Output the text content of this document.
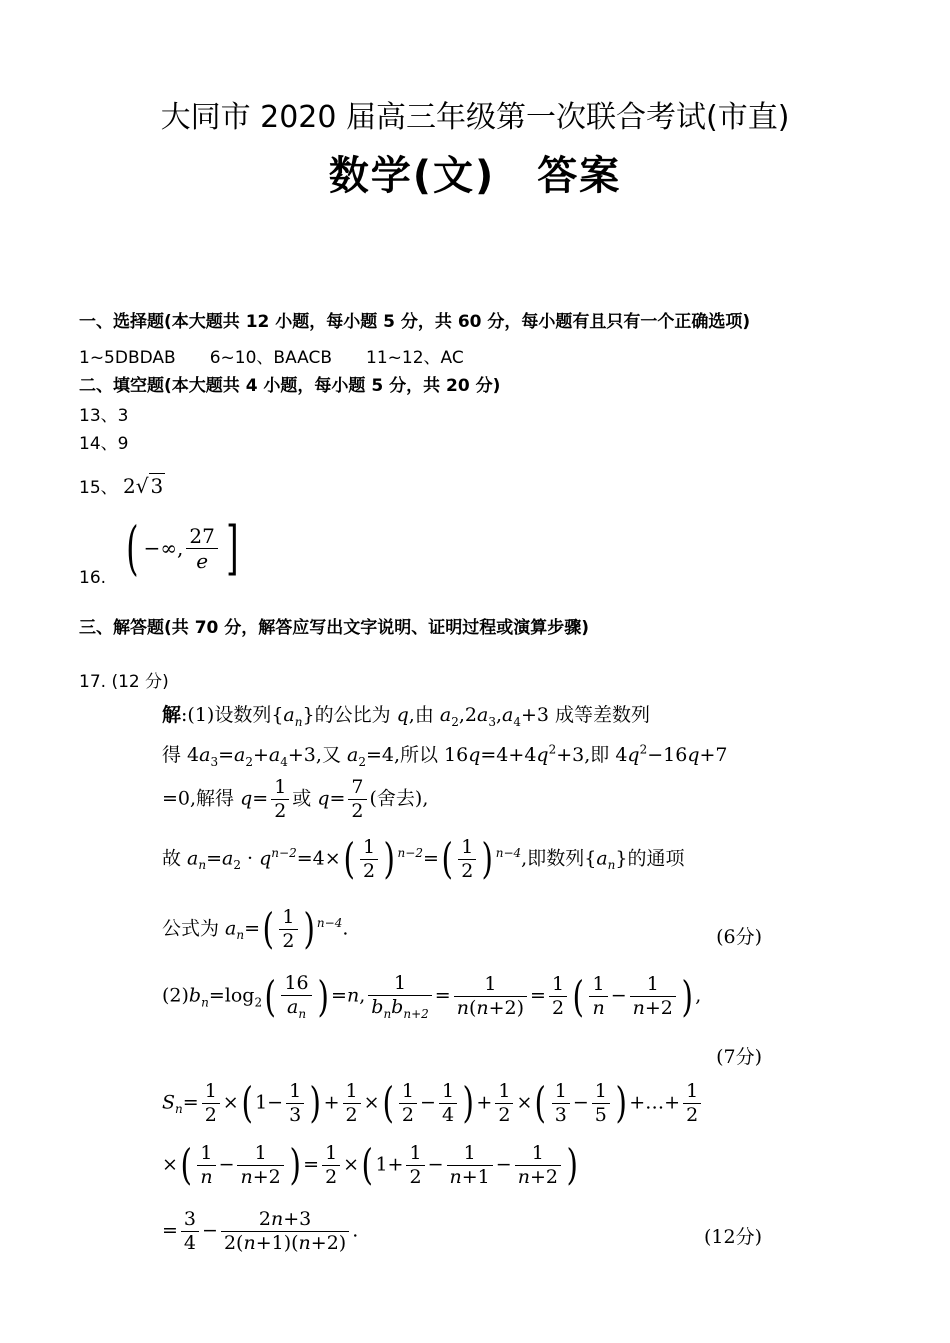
大同市 2020 届高三年级第一次联合考试(市直)
数学(文)　答案
一、选择题(本大题共 12 小题，每小题 5 分，共 60 分，每小题有且只有一个正确选项)
1~5DBDAB　　6~10、BAACB　　11~12、AC
二、填空题(本大题共 4 小题，每小题 5 分，共 20 分)
13、3
14、9
15、 2√ 3
16. ( −∞, $\frac{27}{e}$ ]
三、解答题(共 70 分，解答应写出文字说明、证明过程或演算步骤)
17. (12 分)
解:(1)设数列$\{a_n\}$的公比为 q,由 $a_2,2a_3,a_4+3$ 成等差数列
得 $4a_3=a_2+a_4+3$,又 $a_2=4$,所以 $16q=4+4q^2+3$,即 $4q^2-16q+7$
=0,解得 $q= \frac{1}{2}$ 或 $q= \frac{7}{2}$ (舍去),
故 $a_n=a_2 \cdot q^{n-2}=4\times( \frac{1}{2}$ ) $^{n-2}=( \frac{1}{2}$ ) $^{n-4}$,即数列$\{a_n\}$的通项
公式为 $a_n=( \frac{1}{2}$ ) $^{n-4}$.	(6分)
$(2)b_n=\log_2( \frac{16}{a_n}$ ) =n, $\frac{1}{b_nb_{n+2}} = \frac{1}{n(n+2)} = \frac{1}{2}$ ( $\frac{1}{n} - \frac{1}{n+2}$ ) ,
(7分)
$S_n= \frac{1}{2}$ ×( $1- \frac{1}{3}$ ) + $\frac{1}{2}$ ×( $\frac{1}{2} - \frac{1}{4}$ ) + $\frac{1}{2}$ ×( $\frac{1}{3} - \frac{1}{5}$ ) +…+ $\frac{1}{2}$
×( $\frac{1}{n} - \frac{1}{n+2}$ ) = $\frac{1}{2}$ ×( $1+ \frac{1}{2} - \frac{1}{n+1} - \frac{1}{n+2}$ )
= $\frac{3}{4} - \frac{2n+3}{2(n+1)(n+2)}$ .	(12分)
